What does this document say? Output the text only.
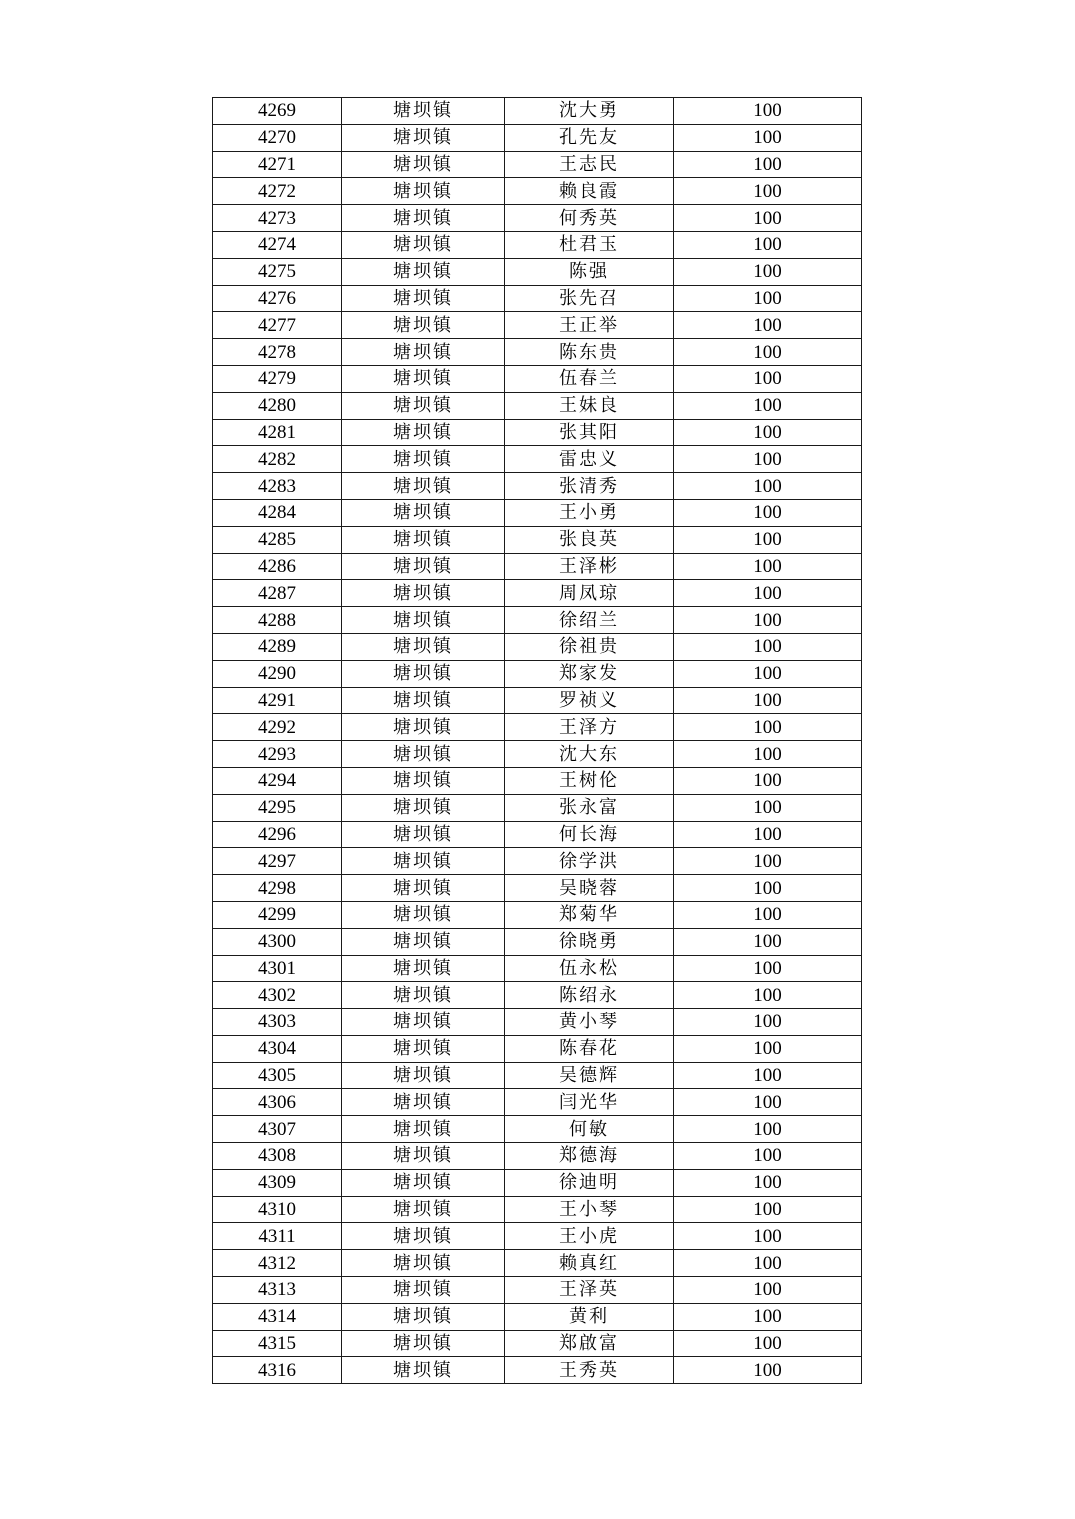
4269	塘坝镇	沈大勇	100
4270	塘坝镇	孔先友	100
4271	塘坝镇	王志民	100
4272	塘坝镇	赖良霞	100
4273	塘坝镇	何秀英	100
4274	塘坝镇	杜君玉	100
4275	塘坝镇	陈强	100
4276	塘坝镇	张先召	100
4277	塘坝镇	王正举	100
4278	塘坝镇	陈东贵	100
4279	塘坝镇	伍春兰	100
4280	塘坝镇	王妹良	100
4281	塘坝镇	张其阳	100
4282	塘坝镇	雷忠义	100
4283	塘坝镇	张清秀	100
4284	塘坝镇	王小勇	100
4285	塘坝镇	张良英	100
4286	塘坝镇	王泽彬	100
4287	塘坝镇	周凤琼	100
4288	塘坝镇	徐绍兰	100
4289	塘坝镇	徐祖贵	100
4290	塘坝镇	郑家发	100
4291	塘坝镇	罗祯义	100
4292	塘坝镇	王泽方	100
4293	塘坝镇	沈大东	100
4294	塘坝镇	王树伦	100
4295	塘坝镇	张永富	100
4296	塘坝镇	何长海	100
4297	塘坝镇	徐学洪	100
4298	塘坝镇	吴晓蓉	100
4299	塘坝镇	郑菊华	100
4300	塘坝镇	徐晓勇	100
4301	塘坝镇	伍永松	100
4302	塘坝镇	陈绍永	100
4303	塘坝镇	黄小琴	100
4304	塘坝镇	陈春花	100
4305	塘坝镇	吴德辉	100
4306	塘坝镇	闫光华	100
4307	塘坝镇	何敏	100
4308	塘坝镇	郑德海	100
4309	塘坝镇	徐迪明	100
4310	塘坝镇	王小琴	100
4311	塘坝镇	王小虎	100
4312	塘坝镇	赖真红	100
4313	塘坝镇	王泽英	100
4314	塘坝镇	黄利	100
4315	塘坝镇	郑啟富	100
4316	塘坝镇	王秀英	100
